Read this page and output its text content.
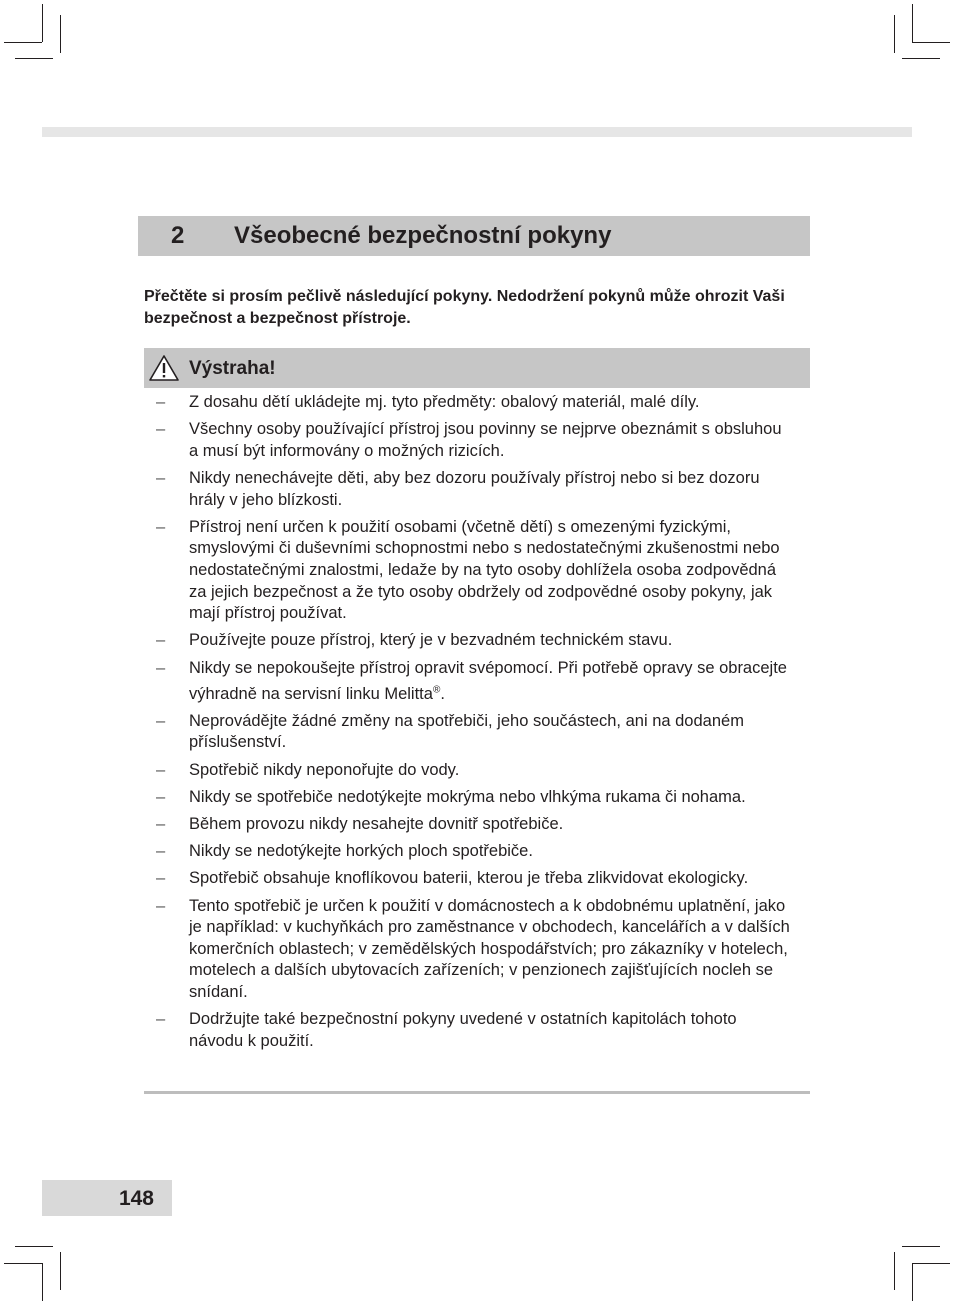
2 Všeobecné bezpečnostní pokyny
Přečtěte si prosím pečlivě následující pokyny. Nedodržení pokynů může ohrozit Vaši bezpečnost a bezpečnost přístroje.
Výstraha!
– Z dosahu dětí ukládejte mj. tyto předměty: obalový materiál, malé díly.
– Všechny osoby používající přístroj jsou povinny se nejprve obeznámit s obsluhou a musí být informovány o možných rizicích.
– Nikdy nenechávejte děti, aby bez dozoru používaly přístroj nebo si bez dozoru hrály v jeho blízkosti.
– Přístroj není určen k použití osobami (včetně dětí) s omezenými fyzickými, smyslovými či duševními schopnostmi nebo s nedostatečnými zkušenostmi nebo nedostatečnými znalostmi, ledaže by na tyto osoby dohlížela osoba zodpovědná za jejich bezpečnost a že tyto osoby obdržely od zodpovědné osoby pokyny, jak mají přístroj používat.
– Používejte pouze přístroj, který je v bezvadném technickém stavu.
– Nikdy se nepokoušejte přístroj opravit svépomocí. Při potřebě opravy se obracejte výhradně na servisní linku Melitta®.
– Neprovádějte žádné změny na spotřebiči, jeho součástech, ani na dodaném příslušenství.
– Spotřebič nikdy neponořujte do vody.
– Nikdy se spotřebiče nedotýkejte mokrýma nebo vlhkýma rukama či nohama.
– Během provozu nikdy nesahejte dovnitř spotřebiče.
– Nikdy se nedotýkejte horkých ploch spotřebiče.
– Spotřebič obsahuje knoflíkovou baterii, kterou je třeba zlikvidovat ekologicky.
– Tento spotřebič je určen k použití v domácnostech a k obdobnému uplatnění, jako je například: v kuchyňkách pro zaměstnance v obchodech, kancelářích a v dalších komerčních oblastech; v zemědělských hospodářstvích; pro zákazníky v hotelech, motelech a dalších ubytovacích zařízeních; v penzionech zajišťujících nocleh se snídaní.
– Dodržujte také bezpečnostní pokyny uvedené v ostatních kapitolách tohoto návodu k použití.
148
